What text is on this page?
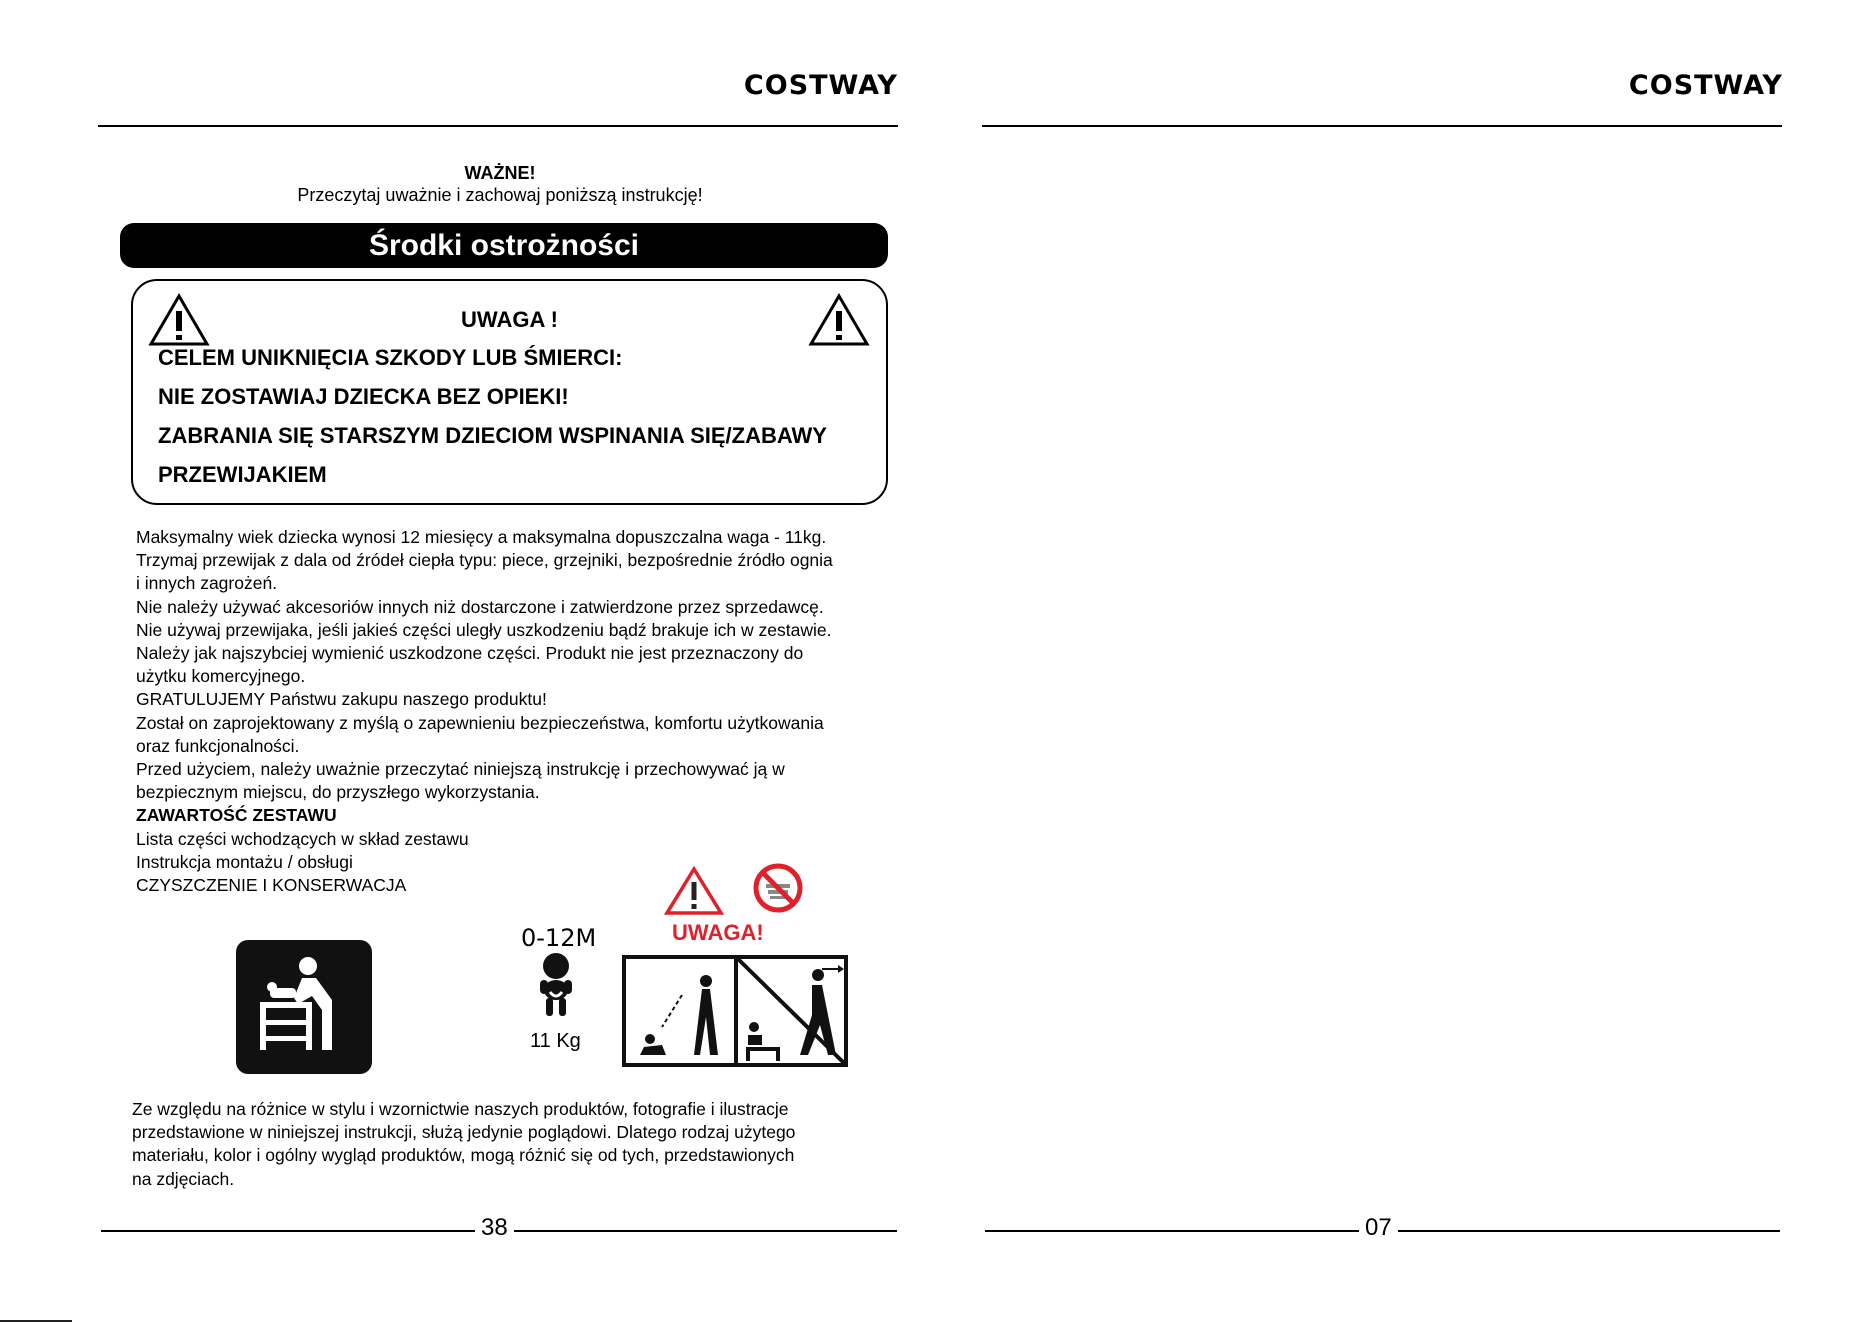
COSTWAY
WAŻNE!
Przeczytaj uważnie i zachowaj poniższą instrukcję!
Środki ostrożności
UWAGA !
CELEM UNIKNIĘCIA SZKODY LUB ŚMIERCI:
NIE ZOSTAWIAJ DZIECKA BEZ OPIEKI!
ZABRANIA SIĘ STARSZYM DZIECIOM WSPINANIA SIĘ/ZABAWY
PRZEWIJAKIEM
Maksymalny wiek dziecka wynosi 12 miesięcy a maksymalna dopuszczalna waga - 11kg.
Trzymaj przewijak z dala od źródeł ciepła typu: piece, grzejniki, bezpośrednie źródło ognia
i innych zagrożeń.
Nie należy używać akcesoriów innych niż dostarczone i zatwierdzone przez sprzedawcę.
Nie używaj przewijaka, jeśli jakieś części uległy uszkodzeniu bądź brakuje ich w zestawie.
Należy jak najszybciej wymienić uszkodzone części. Produkt nie jest przeznaczony do
użytku komercyjnego.
GRATULUJEMY Państwu zakupu naszego produktu!
Został on zaprojektowany z myślą o zapewnieniu bezpieczeństwa, komfortu użytkowania
oraz funkcjonalności.
Przed użyciem, należy uważnie przeczytać niniejszą instrukcję i przechowywać ją w
bezpiecznym miejscu, do przyszłego wykorzystania.
ZAWARTOŚĆ ZESTAWU
Lista części wchodzących w skład zestawu
Instrukcja montażu / obsługi
CZYSZCZENIE I KONSERWACJA
0-12M
11 Kg
UWAGA!
Ze względu na różnice w stylu i wzornictwie naszych produktów, fotografie i ilustracje
przedstawione w niniejszej instrukcji, służą jedynie poglądowi. Dlatego rodzaj użytego
materiału, kolor i ogólny wygląd produktów, mogą różnić się od tych, przedstawionych
na zdjęciach.
38
COSTWAY
07
